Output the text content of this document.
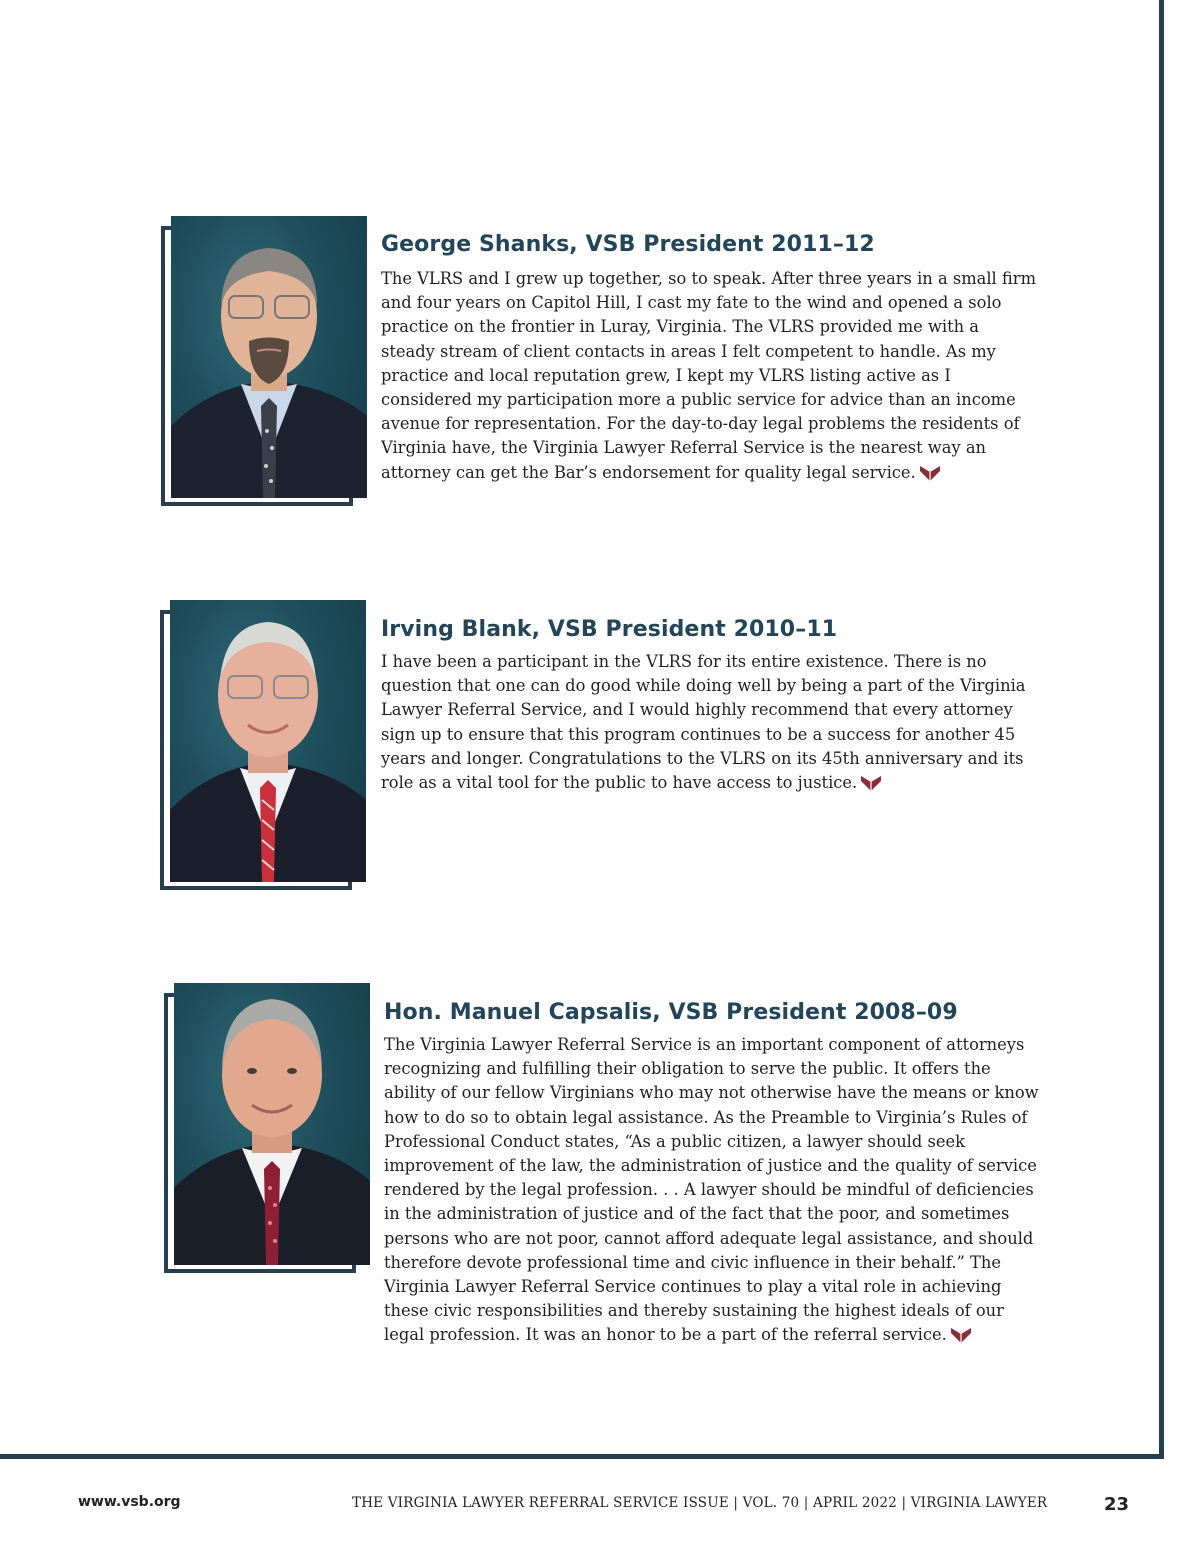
George Shanks, VSB President 2011–12

The VLRS and I grew up together, so to speak. After three years in a small firm and four years on Capitol Hill, I cast my fate to the wind and opened a solo practice on the frontier in Luray, Virginia. The VLRS provided me with a steady stream of client contacts in areas I felt competent to handle. As my practice and local reputation grew, I kept my VLRS listing active as I considered my participation more a public service for advice than an income avenue for representation. For the day-to-day legal problems the residents of Virginia have, the Virginia Lawyer Referral Service is the nearest way an attorney can get the Bar’s endorsement for quality legal service.

Irving Blank, VSB President 2010–11

I have been a participant in the VLRS for its entire existence. There is no question that one can do good while doing well by being a part of the Virginia Lawyer Referral Service, and I would highly recommend that every attorney sign up to ensure that this program continues to be a success for another 45 years and longer. Congratulations to the VLRS on its 45th anniversary and its role as a vital tool for the public to have access to justice.

Hon. Manuel Capsalis, VSB President 2008–09

The Virginia Lawyer Referral Service is an important component of attorneys recognizing and fulfilling their obligation to serve the public. It offers the ability of our fellow Virginians who may not otherwise have the means or know how to do so to obtain legal assistance. As the Preamble to Virginia’s Rules of Professional Conduct states, “As a public citizen, a lawyer should seek improvement of the law, the administration of justice and the quality of service rendered by the legal profession. . . A lawyer should be mindful of deficiencies in the administration of justice and of the fact that the poor, and sometimes persons who are not poor, cannot afford adequate legal assistance, and should therefore devote professional time and civic influence in their behalf.” The Virginia Lawyer Referral Service continues to play a vital role in achieving these civic responsibilities and thereby sustaining the highest ideals of our legal profession. It was an honor to be a part of the referral service.

www.vsb.org	THE VIRGINIA LAWYER REFERRAL SERVICE ISSUE | VOL. 70 | APRIL 2022 | VIRGINIA LAWYER	23
